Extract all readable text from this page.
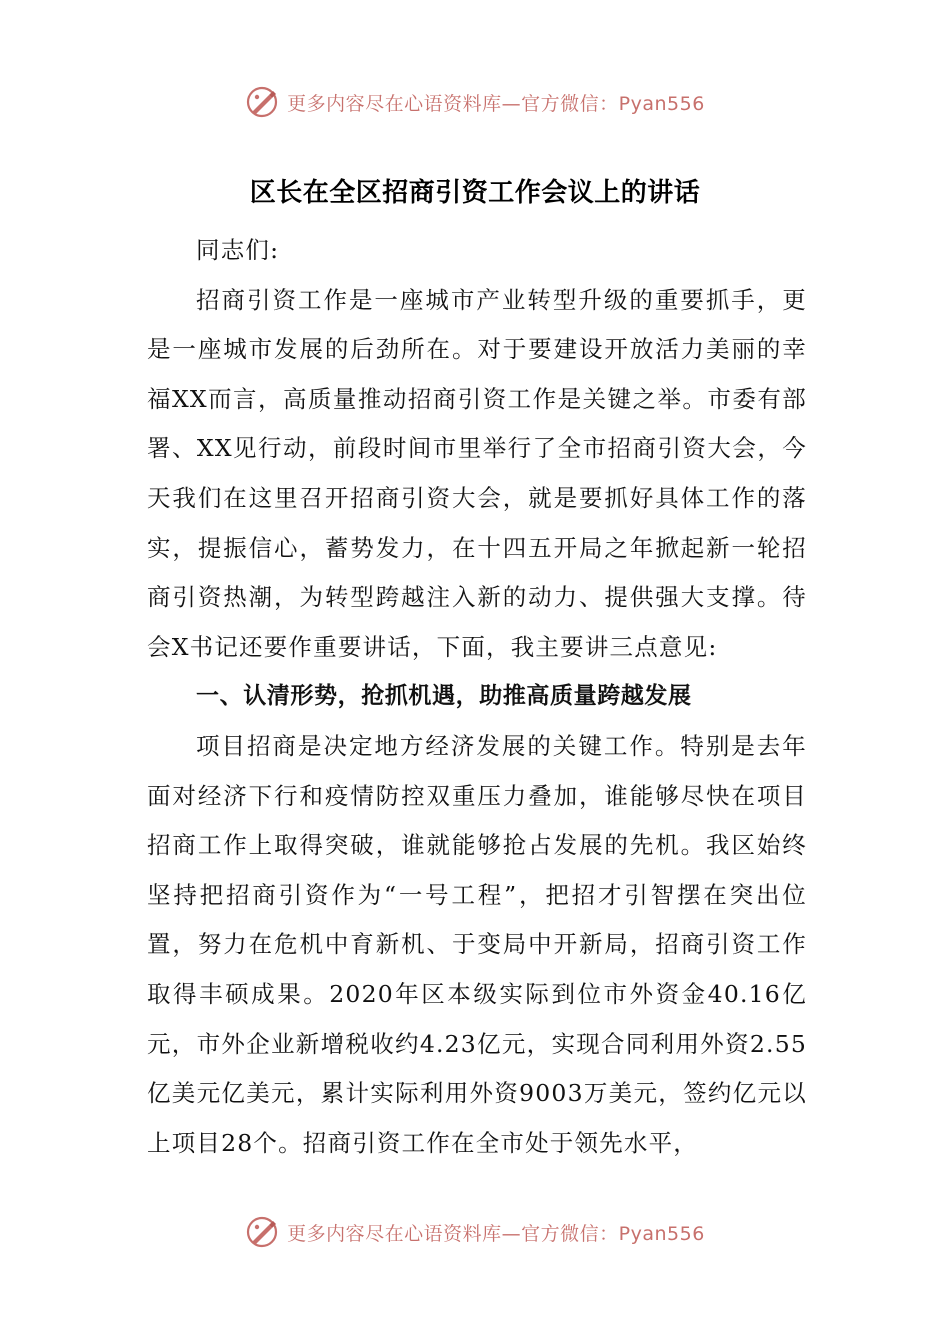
更多内容尽在心语资料库—官方微信：Pyan556
区长在全区招商引资工作会议上的讲话

同志们:

招商引资工作是一座城市产业转型升级的重要抓手，更是一座城市发展的后劲所在。对于要建设开放活力美丽的幸福XX而言，高质量推动招商引资工作是关键之举。市委有部署、XX见行动，前段时间市里举行了全市招商引资大会，今天我们在这里召开招商引资大会，就是要抓好具体工作的落实，提振信心，蓄势发力，在十四五开局之年掀起新一轮招商引资热潮，为转型跨越注入新的动力、提供强大支撑。待会X书记还要作重要讲话，下面，我主要讲三点意见:

一、认清形势，抢抓机遇，助推高质量跨越发展

项目招商是决定地方经济发展的关键工作。特别是去年面对经济下行和疫情防控双重压力叠加，谁能够尽快在项目招商工作上取得突破，谁就能够抢占发展的先机。我区始终坚持把招商引资作为“一号工程”，把招才引智摆在突出位置，努力在危机中育新机、于变局中开新局，招商引资工作取得丰硕成果。2020年区本级实际到位市外资金40.16亿元，市外企业新增税收约4.23亿元，实现合同利用外资2.55亿美元亿美元，累计实际利用外资9003万美元，签约亿元以上项目28个。招商引资工作在全市处于领先水平，

更多内容尽在心语资料库—官方微信：Pyan556
